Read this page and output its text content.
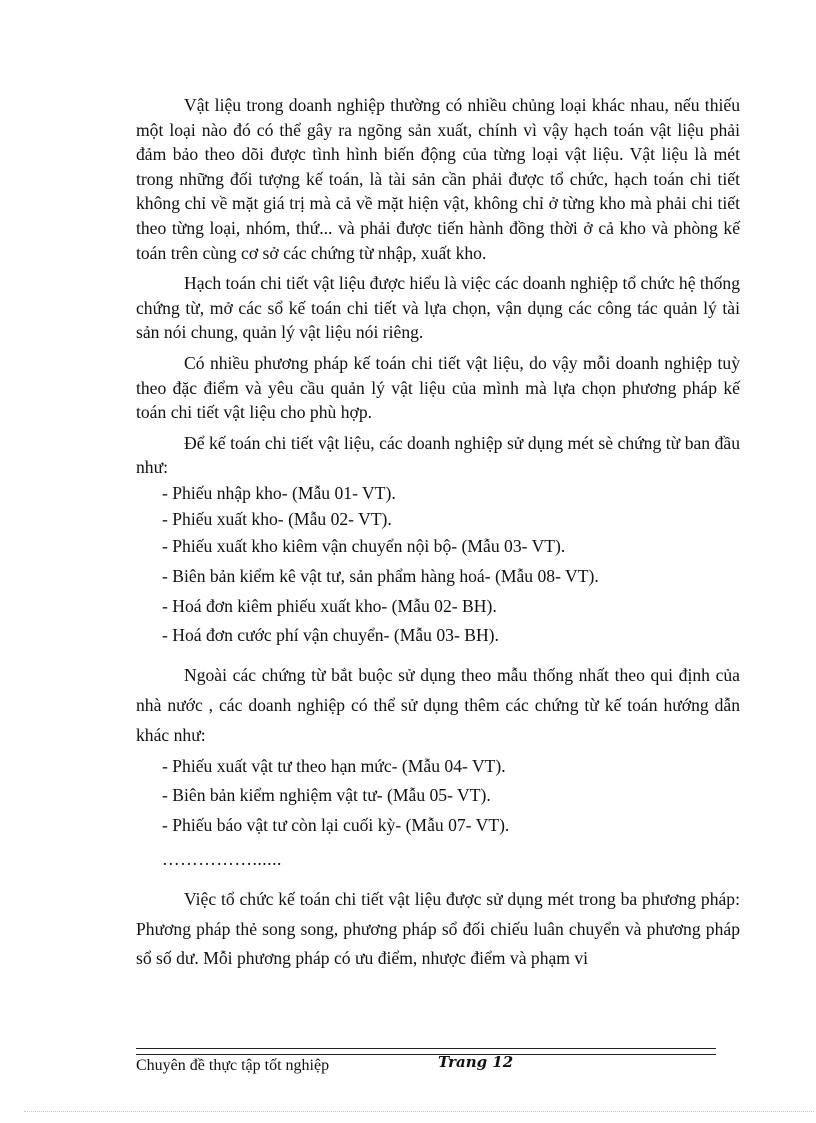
Vật liệu trong doanh nghiệp thường có nhiều chủng loại khác nhau, nếu thiếu một loại nào đó có thể gây ra ngõng sản xuất, chính vì vậy hạch toán vật liệu phải đảm bảo theo dõi được tình hình biến động của từng loại vật liệu. Vật liệu là mét trong những đối tượng kế toán, là tài sản cần phải được tổ chức, hạch toán chi tiết không chỉ về mặt giá trị mà cả về mặt hiện vật, không chỉ ở từng kho mà phải chi tiết theo từng loại, nhóm, thứ... và phải được tiến hành đồng thời ở cả kho và phòng kế toán trên cùng cơ sở các chứng từ nhập, xuất kho.

Hạch toán chi tiết vật liệu được hiểu là việc các doanh nghiệp tổ chức hệ thống chứng từ, mở các sổ kế toán chi tiết và lựa chọn, vận dụng các công tác quản lý tài sản nói chung, quản lý vật liệu nói riêng.

Có nhiều phương pháp kế toán chi tiết vật liệu, do vậy mỗi doanh nghiệp tuỳ theo đặc điểm và yêu cầu quản lý vật liệu của mình mà lựa chọn phương pháp kế toán chi tiết vật liệu cho phù hợp.

Để kế toán chi tiết vật liệu, các doanh nghiệp sử dụng mét sè chứng từ ban đầu như:

- Phiếu nhập kho- (Mẫu 01- VT).

- Phiếu xuất kho- (Mẫu 02- VT).

- Phiếu xuất kho kiêm vận chuyển nội bộ- (Mẫu 03- VT).

- Biên bản kiểm kê vật tư, sản phẩm hàng hoá- (Mẫu 08- VT).

- Hoá đơn kiêm phiếu xuất kho- (Mẫu 02- BH).

- Hoá đơn cước phí vận chuyển- (Mẫu 03- BH).

Ngoài các chứng từ bắt buộc sử dụng theo mẫu thống nhất theo qui định của nhà nước , các doanh nghiệp có thể sử dụng thêm các chứng từ kế toán hướng dẫn khác như:

- Phiếu xuất vật tư theo hạn mức- (Mẫu 04- VT).

- Biên bản kiểm nghiệm vật tư- (Mẫu 05- VT).

- Phiếu báo vật tư còn lại cuối kỳ- (Mẫu 07- VT).

……………......

Việc tổ chức kế toán chi tiết vật liệu được sử dụng mét trong ba phương pháp: Phương pháp thẻ song song, phương pháp sổ đối chiếu luân chuyển và phương pháp sổ số dư. Mỗi phương pháp có ưu điểm, nhược điểm và phạm vi

Chuyên đề thực tập tốt nghiệp	Trang 12
